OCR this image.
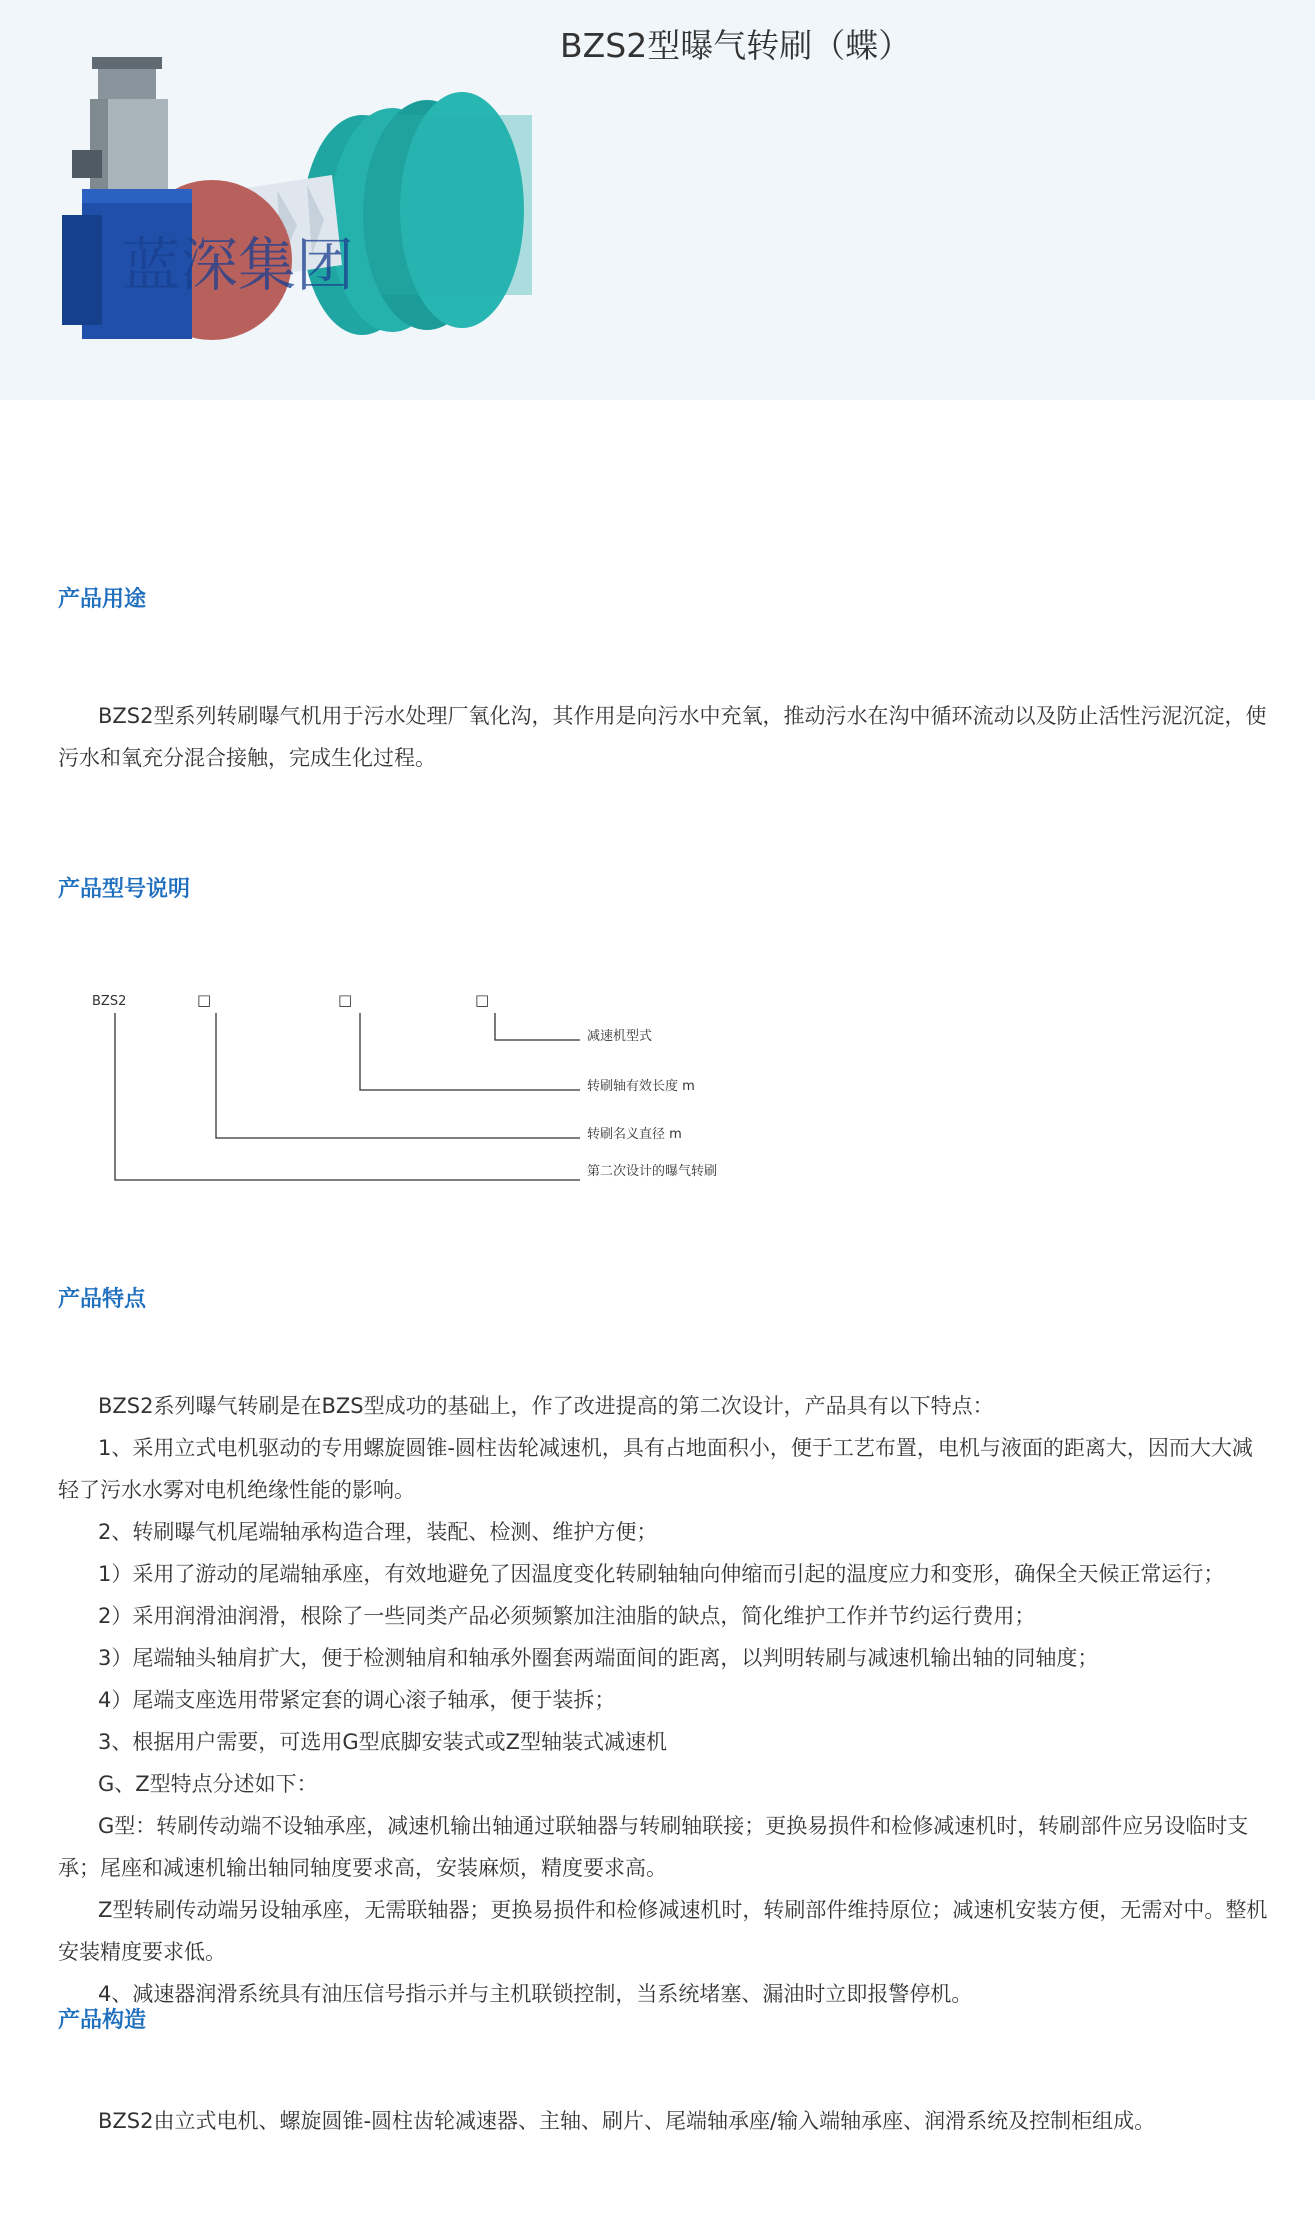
蓝深集团
BZS2型曝气转刷（蝶）
产品用途

BZS2型系列转刷曝气机用于污水处理厂氧化沟，其作用是向污水中充氧，推动污水在沟中循环流动以及防止活性污泥沉淀，使污水和氧充分混合接触，完成生化过程。

产品型号说明
BZS2	□	□	□
减速机型式
转刷轴有效长度 m
转刷名义直径 m
第二次设计的曝气转刷
产品特点

BZS2系列曝气转刷是在BZS型成功的基础上，作了改进提高的第二次设计，产品具有以下特点：

1、采用立式电机驱动的专用螺旋圆锥-圆柱齿轮减速机，具有占地面积小，便于工艺布置，电机与液面的距离大，因而大大减轻了污水水雾对电机绝缘性能的影响。

2、转刷曝气机尾端轴承构造合理，装配、检测、维护方便；

1）采用了游动的尾端轴承座，有效地避免了因温度变化转刷轴轴向伸缩而引起的温度应力和变形，确保全天候正常运行；

2）采用润滑油润滑，根除了一些同类产品必须频繁加注油脂的缺点，简化维护工作并节约运行费用；

3）尾端轴头轴肩扩大，便于检测轴肩和轴承外圈套两端面间的距离，以判明转刷与减速机输出轴的同轴度；

4）尾端支座选用带紧定套的调心滚子轴承，便于装拆；

3、根据用户需要，可选用G型底脚安装式或Z型轴装式减速机

G、Z型特点分述如下：

G型：转刷传动端不设轴承座，减速机输出轴通过联轴器与转刷轴联接；更换易损件和检修减速机时，转刷部件应另设临时支承；尾座和减速机输出轴同轴度要求高，安装麻烦，精度要求高。

Z型转刷传动端另设轴承座，无需联轴器；更换易损件和检修减速机时，转刷部件维持原位；减速机安装方便，无需对中。整机安装精度要求低。

4、减速器润滑系统具有油压信号指示并与主机联锁控制，当系统堵塞、漏油时立即报警停机。

产品构造

BZS2由立式电机、螺旋圆锥-圆柱齿轮减速器、主轴、刷片、尾端轴承座/输入端轴承座、润滑系统及控制柜组成。
